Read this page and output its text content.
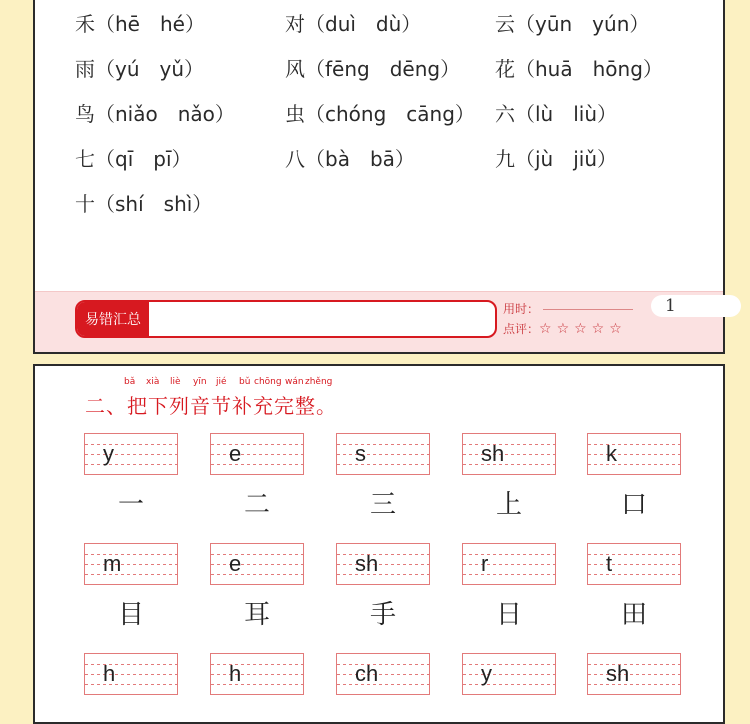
禾（hē　hé）	对（duì　dù）	云（yūn　yún）
雨（yú　yǔ）	风（fēng　dēng） 花（huā　hōng）
鸟（niǎo　nǎo）	虫（chóng　cāng） 六（lù　liù）
七（qī　pī）	八（bà　bā）	九（jù　jiǔ）
十（shí　shì）
易错汇总
用时：
点评：☆☆☆☆☆
1
bǎ xià liè yīn jié bǔ chōng wán zhěng
二、把下列音节补充完整。
y	e	s	sh	k
一	二	三	上	口
m	e	sh	r	t
目	耳	手	日	田
h	h	ch	y	sh
